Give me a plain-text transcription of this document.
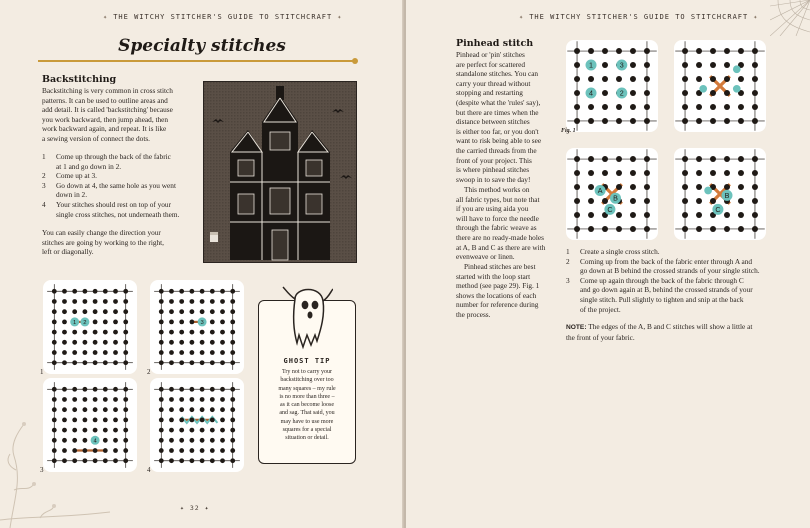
✦ THE WITCHY STITCHER'S GUIDE TO STITCHCRAFT ✦
Specialty stitches
Backstitching
Backstitching is very common in cross stitch
patterns. It can be used to outline areas and
add detail. It is called 'backstitching' because
you work backward, then jump ahead, then
work backward again, and repeat. It is like
a sewing version of connect the dots.
1 Come up through the back of the fabric
at 1 and go down in 2.
2 Come up at 3.
3 Go down at 4, the same hole as you went
down in 2.
4 Your stitches should rest on top of your
single cross stitches, not underneath them.
You can easily change the direction your
stitches are going by working to the right,
left or diagonally.
1 2
1
3
2
4
3	4
GHOST TIP
Try not to carry your
backstitching over too
many squares – my rule
is no more than three –
as it can become loose
and sag. That said, you
may have to use more
squares for a special
situation or detail.
✦ 32 ✦
✦ THE WITCHY STITCHER'S GUIDE TO STITCHCRAFT ✦
Pinhead stitch
Pinhead or 'pin' stitches
are perfect for scattered
standalone stitches. You can
carry your thread without
stopping and restarting
(despite what the 'rules' say),
but there are times when the
distance between stitches
is either too far, or you don't
want to risk being able to see
the carried threads from the
front of your project. This
is where pinhead stitches
swoop in to save the day!
This method works on
all fabric types, but note that
if you are using aida you
will have to force the needle
through the fabric weave as
there are no ready-made holes
at A, B and C as there are with
evenweave or linen.
Pinhead stitches are best
started with the loop start
method (see page 29). Fig. 1
shows the locations of each
number for reference during
the process.
1
2
3
4
A
B
C
B
C
Fig. 1
1 Create a single cross stitch.
2 Coming up from the back of the fabric enter through A and
go down at B behind the crossed strands of your single stitch.
3 Come up again through the back of the fabric through C
and go down again at B, behind the crossed strands of your
single stitch. Pull slightly to tighten and snip at the back
of the project.
NOTE: The edges of the A, B and C stitches will show a little at
the front of your fabric.
